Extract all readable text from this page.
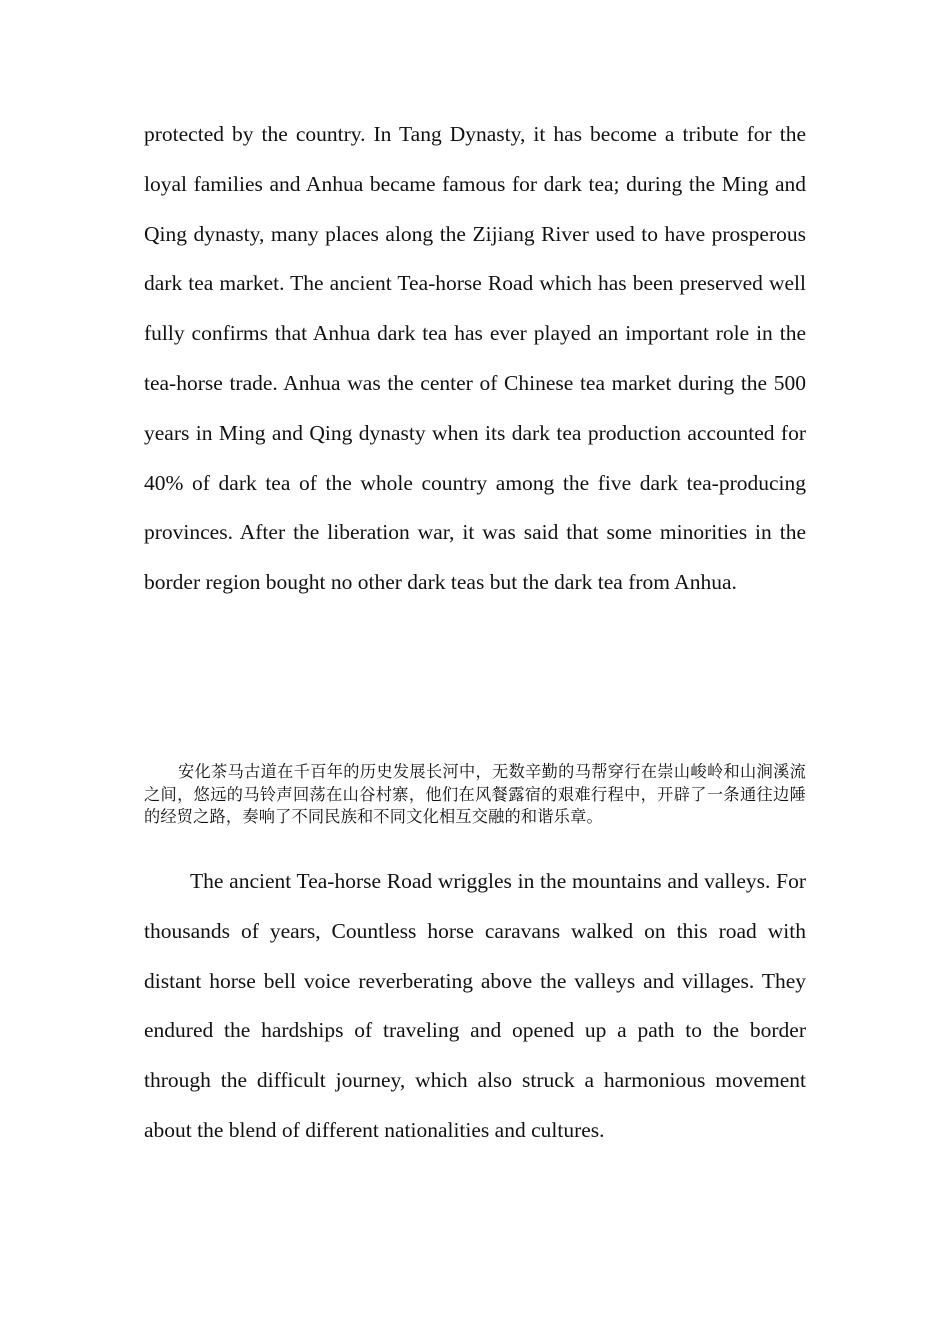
protected by the country. In Tang Dynasty, it has become a tribute for the loyal families and Anhua became famous for dark tea; during the Ming and Qing dynasty, many places along the Zijiang River used to have prosperous dark tea market. The ancient Tea-horse Road which has been preserved well fully confirms that Anhua dark tea has ever played an important role in the tea-horse trade. Anhua was the center of Chinese tea market during the 500 years in Ming and Qing dynasty when its dark tea production accounted for 40% of dark tea of the whole country among the five dark tea-producing provinces. After the liberation war, it was said that some minorities in the border region bought no other dark teas but the dark tea from Anhua.

安化茶马古道在千百年的历史发展长河中，无数辛勤的马帮穿行在崇山峻岭和山涧溪流之间，悠远的马铃声回荡在山谷村寨，他们在风餐露宿的艰难行程中，开辟了一条通往边陲的经贸之路，奏响了不同民族和不同文化相互交融的和谐乐章。

The ancient Tea-horse Road wriggles in the mountains and valleys. For thousands of years, Countless horse caravans walked on this road with distant horse bell voice reverberating above the valleys and villages. They endured the hardships of traveling and opened up a path to the border through the difficult journey, which also struck a harmonious movement about the blend of different nationalities and cultures.
